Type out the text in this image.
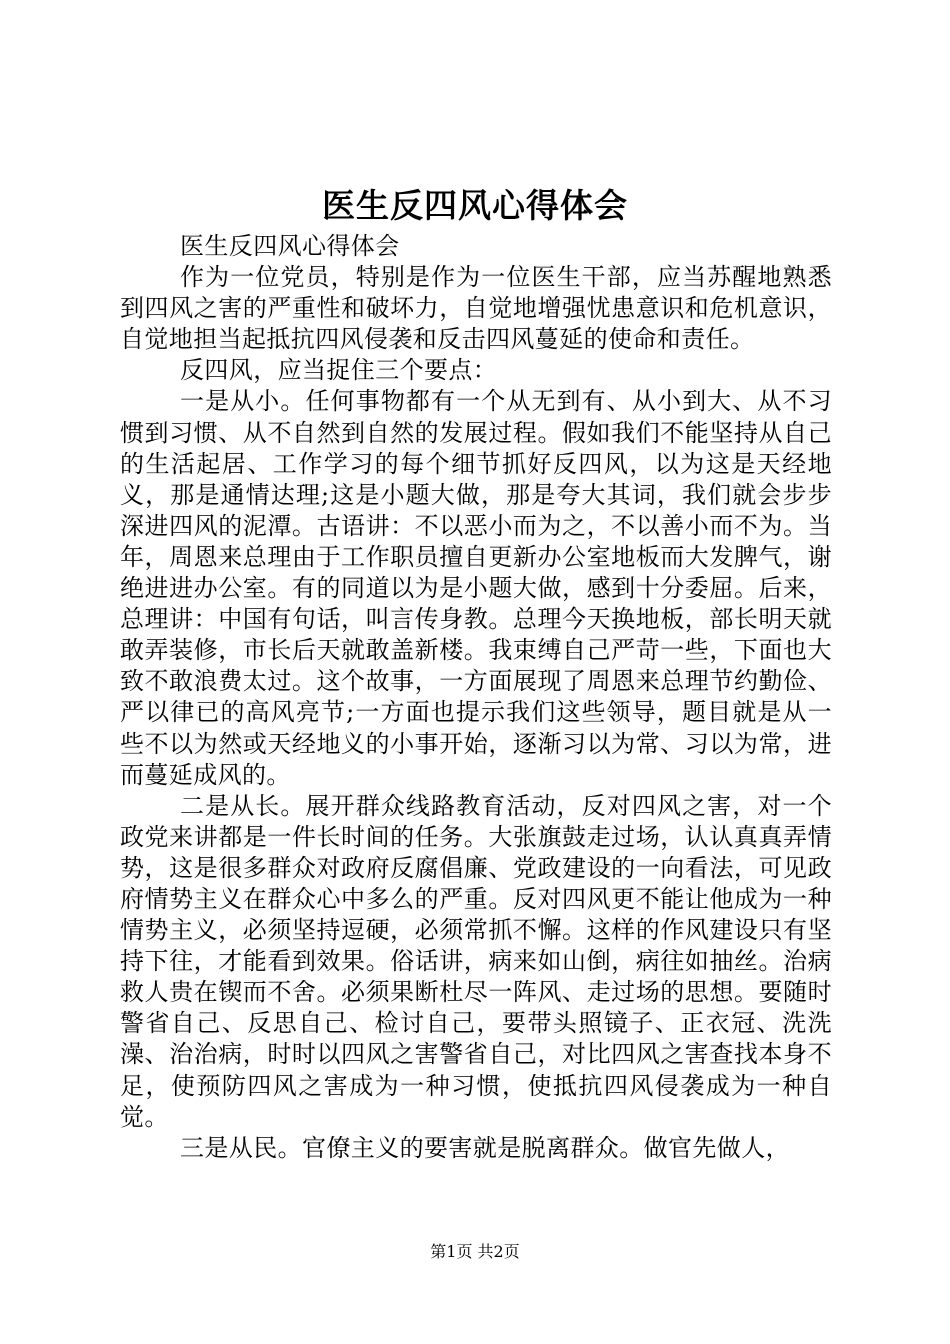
医生反四风心得体会

医生反四风心得体会

作为一位党员，特别是作为一位医生干部，应当苏醒地熟悉到四风之害的严重性和破坏力，自觉地增强忧患意识和危机意识，自觉地担当起抵抗四风侵袭和反击四风蔓延的使命和责任。

反四风，应当捉住三个要点：

一是从小。任何事物都有一个从无到有、从小到大、从不习惯到习惯、从不自然到自然的发展过程。假如我们不能坚持从自己的生活起居、工作学习的每个细节抓好反四风，以为这是天经地义，那是通情达理;这是小题大做，那是夸大其词，我们就会步步深进四风的泥潭。古语讲：不以恶小而为之，不以善小而不为。当年，周恩来总理由于工作职员擅自更新办公室地板而大发脾气，谢绝进进办公室。有的同道以为是小题大做，感到十分委屈。后来，总理讲：中国有句话，叫言传身教。总理今天换地板，部长明天就敢弄装修，市长后天就敢盖新楼。我束缚自己严苛一些，下面也大致不敢浪费太过。这个故事，一方面展现了周恩来总理节约勤俭、严以律已的高风亮节;一方面也提示我们这些领导，题目就是从一些不以为然或天经地义的小事开始，逐渐习以为常、习以为常，进而蔓延成风的。

二是从长。展开群众线路教育活动，反对四风之害，对一个政党来讲都是一件长时间的任务。大张旗鼓走过场，认认真真弄情势，这是很多群众对政府反腐倡廉、党政建设的一向看法，可见政府情势主义在群众心中多么的严重。反对四风更不能让他成为一种情势主义，必须坚持逗硬，必须常抓不懈。这样的作风建设只有坚持下往，才能看到效果。俗话讲，病来如山倒，病往如抽丝。治病救人贵在锲而不舍。必须果断杜尽一阵风、走过场的思想。要随时警省自己、反思自己、检讨自己，要带头照镜子、正衣冠、洗洗澡、治治病，时时以四风之害警省自己，对比四风之害查找本身不足，使预防四风之害成为一种习惯，使抵抗四风侵袭成为一种自觉。

三是从民。官僚主义的要害就是脱离群众。做官先做人，

第1页 共2页
